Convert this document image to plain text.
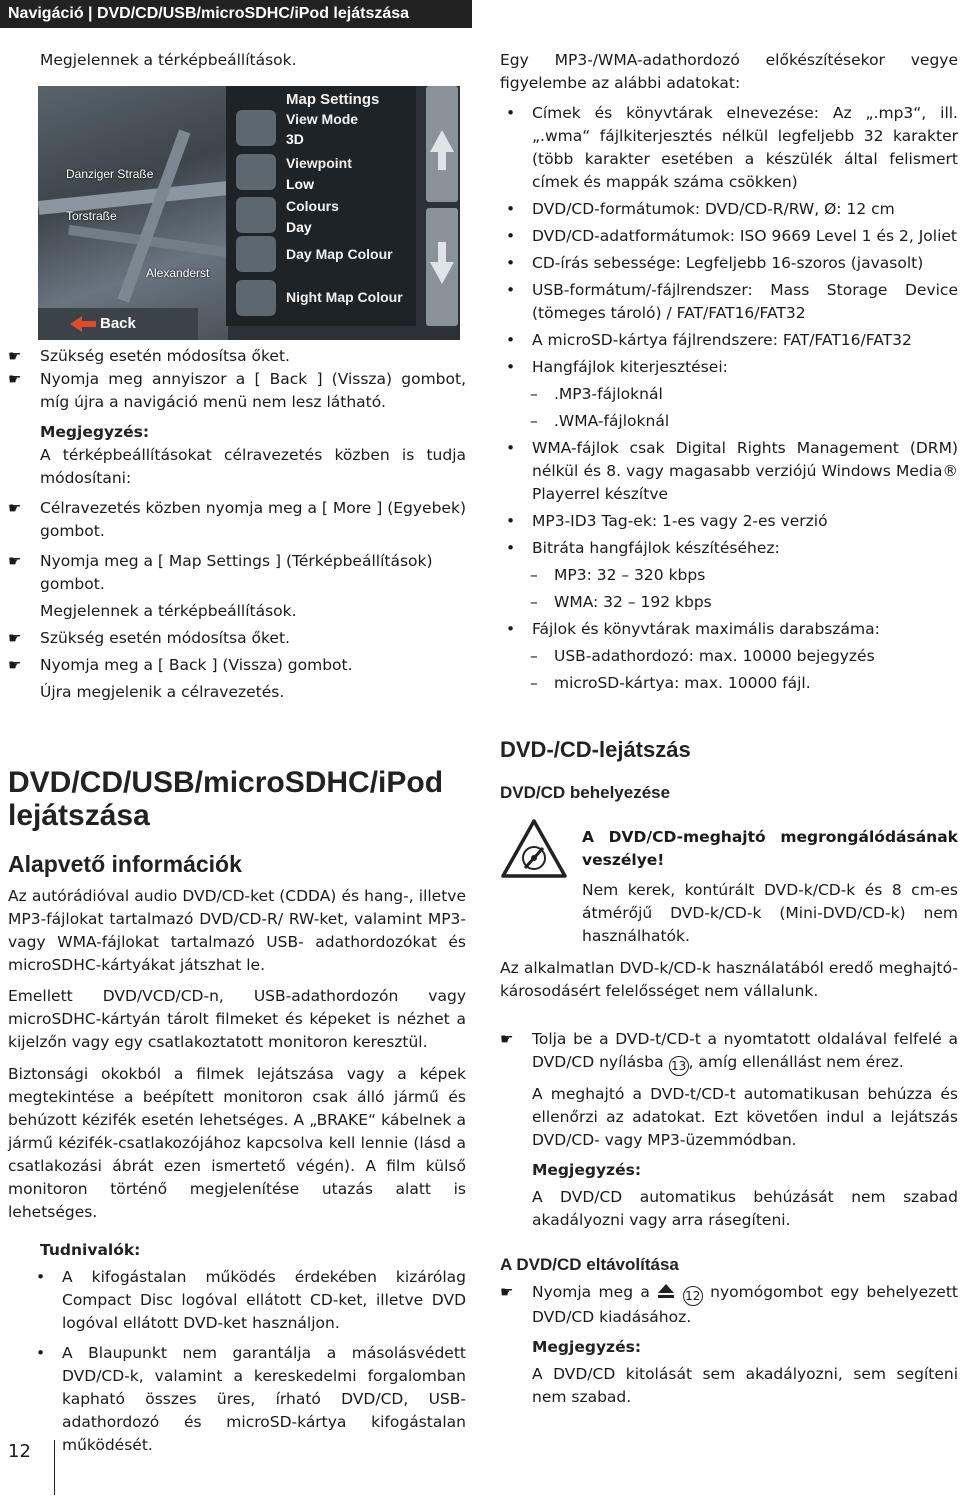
Navigáció | DVD/CD/USB/microSDHC/iPod lejátszása
Megjelennek a térképbeállítások.
Danziger Straße
Torstraße
Alexanderst
Map Settings
View Mode
3D
Viewpoint
Low
Colours
Day
Day Map Colour
Night Map Colour
Back
☛ Szükség esetén módosítsa őket.
☛ Nyomja meg annyiszor a [ Back ] (Vissza) gombot, míg újra a navigáció menü nem lesz látható.
Megjegyzés:
A térképbeállításokat célravezetés közben is tudja módosítani:
☛ Célravezetés közben nyomja meg a [ More ] (Egyebek) gombot.
☛ Nyomja meg a [ Map Settings ] (Térképbeállítások) gombot.
Megjelennek a térképbeállítások.
☛ Szükség esetén módosítsa őket.
☛ Nyomja meg a [ Back ] (Vissza) gombot.
Újra megjelenik a célravezetés.
DVD/CD/USB/microSDHC/iPod lejátszása
Alapvető információk
Az autórádióval audio DVD/CD-ket (CDDA) és hang-, illetve MP3-fájlokat tartalmazó DVD/CD-R/ RW-ket, valamint MP3- vagy WMA-fájlokat tartalmazó USB- adathordozókat és microSDHC-kártyákat játszhat le.
Emellett DVD/VCD/CD-n, USB-adathordozón vagy microSDHC-kártyán tárolt filmeket és képeket is nézhet a kijelzőn vagy egy csatlakoztatott monitoron keresztül.
Biztonsági okokból a filmek lejátszása vagy a képek megtekintése a beépített monitoron csak álló jármű és behúzott kézifék esetén lehetséges. A „BRAKE“ kábelnek a jármű kézifék-csatlakozójához kapcsolva kell lennie (lásd a csatlakozási ábrát ezen ismertető végén). A film külső monitoron történő megjelenítése utazás alatt is lehetséges.
Tudnivalók:
• A kifogástalan működés érdekében kizárólag Compact Disc logóval ellátott CD-ket, illetve DVD logóval ellátott DVD-ket használjon.
• A Blaupunkt nem garantálja a másolásvédett DVD/CD-k, valamint a kereskedelmi forgalomban kapható összes üres, írható DVD/CD, USB-adathordozó és microSD-kártya kifogástalan működését.
Egy MP3-/WMA-adathordozó előkészítésekor vegye figyelembe az alábbi adatokat:
• Címek és könyvtárak elnevezése: Az „.mp3“, ill. „.wma“ fájlkiterjesztés nélkül legfeljebb 32 karakter (több karakter esetében a készülék által felismert címek és mappák száma csökken)
• DVD/CD-formátumok: DVD/CD-R/RW, Ø: 12 cm
• DVD/CD-adatformátumok: ISO 9669 Level 1 és 2, Joliet
• CD-írás sebessége: Legfeljebb 16-szoros (javasolt)
• USB-formátum/-fájlrendszer: Mass Storage Device (tömeges tároló) / FAT/FAT16/FAT32
• A microSD-kártya fájlrendszere: FAT/FAT16/FAT32
• Hangfájlok kiterjesztései:
– .MP3-fájloknál
– .WMA-fájloknál
• WMA-fájlok csak Digital Rights Management (DRM) nélkül és 8. vagy magasabb verziójú Windows Media® Playerrel készítve
• MP3-ID3 Tag-ek: 1-es vagy 2-es verzió
• Bitráta hangfájlok készítéséhez:
– MP3: 32 – 320 kbps
– WMA: 32 – 192 kbps
• Fájlok és könyvtárak maximális darabszáma:
– USB-adathordozó: max. 10000 bejegyzés
– microSD-kártya: max. 10000 fájl.
DVD-/CD-lejátszás
DVD/CD behelyezése
A DVD/CD-meghajtó megrongálódásának veszélye!
Nem kerek, kontúrált DVD-k/CD-k és 8 cm-es átmérőjű DVD-k/CD-k (Mini-DVD/CD-k) nem használhatók.
Az alkalmatlan DVD-k/CD-k használatából eredő meghajtó-károsodásért felelősséget nem vállalunk.
☛ Tolja be a DVD-t/CD-t a nyomtatott oldalával felfelé a DVD/CD nyílásba 13 , amíg ellenállást nem érez.
A meghajtó a DVD-t/CD-t automatikusan behúzza és ellenőrzi az adatokat. Ezt követően indul a lejátszás DVD/CD- vagy MP3-üzemmódban.
Megjegyzés:
A DVD/CD automatikus behúzását nem szabad akadályozni vagy arra rásegíteni.
A DVD/CD eltávolítása
☛ Nyomja meg a	12 nyomógombot egy behelyezett DVD/CD kiadásához.
Megjegyzés:
A DVD/CD kitolását sem akadályozni, sem segíteni nem szabad.
12
